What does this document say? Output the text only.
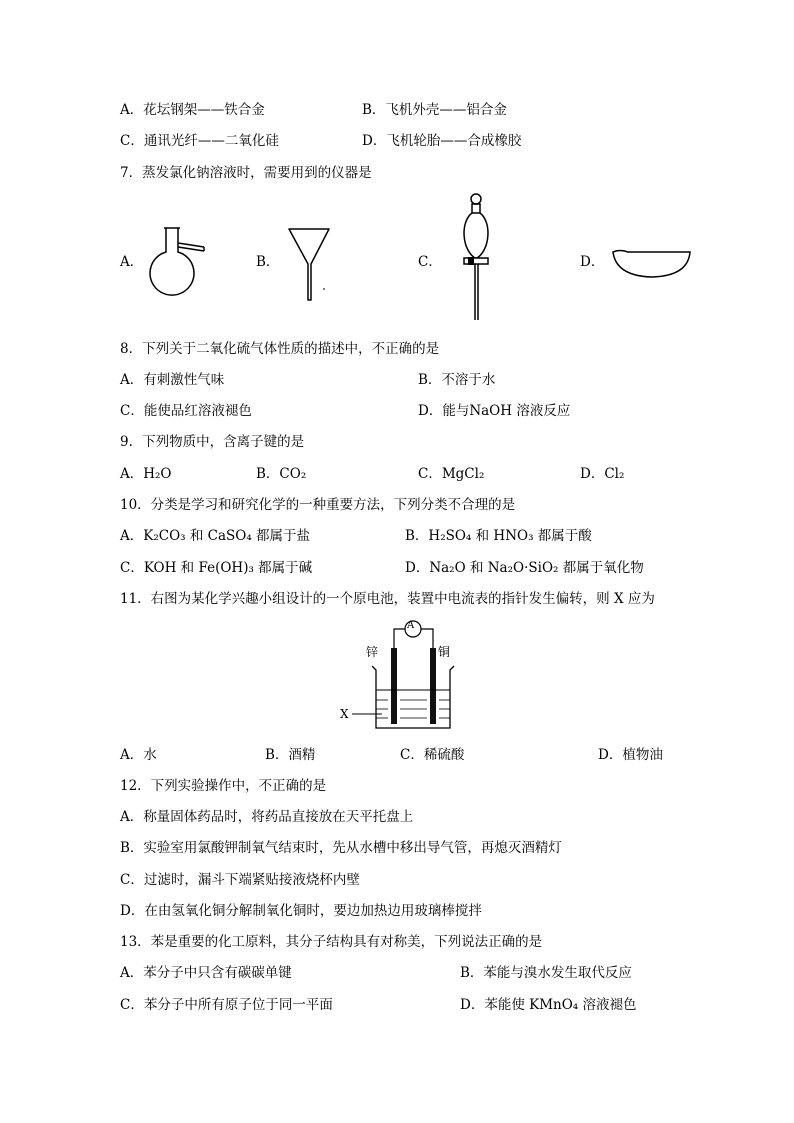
A．花坛钢架——铁合金	B．飞机外壳——铝合金
C．通讯光纤——二氧化硅	D．飞机轮胎——合成橡胶
7．蒸发氯化钠溶液时，需要用到的仪器是
A．	B．	C．	D．
8．下列关于二氧化硫气体性质的描述中，不正确的是
A．有刺激性气味	B．不溶于水
C．能使品红溶液褪色	D．能与NaOH 溶液反应
9．下列物质中，含离子键的是
A．H₂O	B．CO₂	C．MgCl₂	D．Cl₂
10．分类是学习和研究化学的一种重要方法，下列分类不合理的是
A．K₂CO₃ 和 CaSO₄ 都属于盐	B．H₂SO₄ 和 HNO₃ 都属于酸
C．KOH 和 Fe(OH)₃ 都属于碱	D．Na₂O 和 Na₂O·SiO₂ 都属于氧化物
11．右图为某化学兴趣小组设计的一个原电池，装置中电流表的指针发生偏转，则 X 应为
A
锌	铜
X
A．水	B．酒精	C．稀硫酸	D．植物油
12．下列实验操作中，不正确的是
A．称量固体药品时，将药品直接放在天平托盘上
B．实验室用氯酸钾制氧气结束时，先从水槽中移出导气管，再熄灭酒精灯
C．过滤时，漏斗下端紧贴接液烧杯内壁
D．在由氢氧化铜分解制氧化铜时，要边加热边用玻璃棒搅拌
13．苯是重要的化工原料，其分子结构具有对称美，下列说法正确的是
A．苯分子中只含有碳碳单键	B．苯能与溴水发生取代反应
C．苯分子中所有原子位于同一平面	D．苯能使 KMnO₄ 溶液褪色
